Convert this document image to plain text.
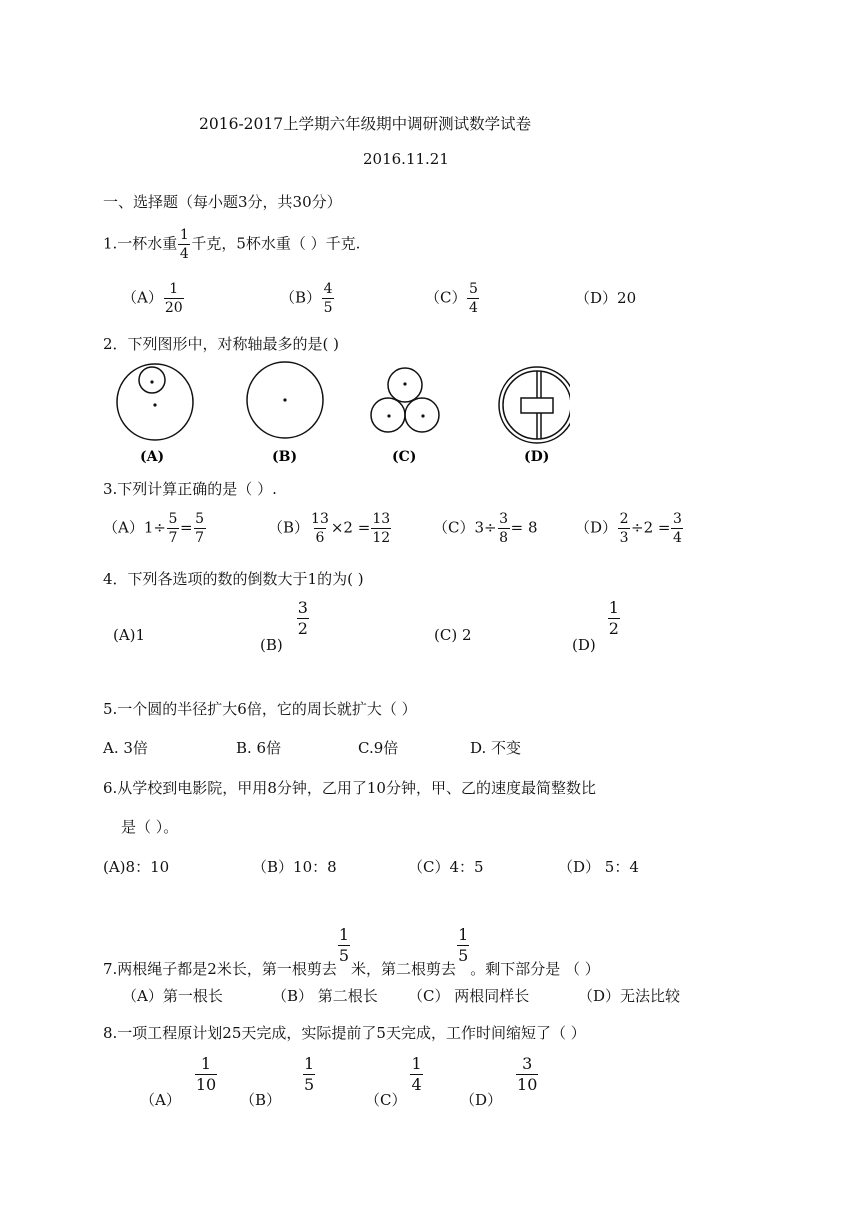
2016-2017上学期六年级期中调研测试数学试卷
2016.11.21
一、选择题（每小题3分，共30分）
1.一杯水重 $\frac{1}{4}$ 千克，5杯水重（ ）千克.
$(A) \frac{1}{20}$	$(B) \frac{4}{5}$	$(C) \frac{5}{4}$	（D）20
2．下列图形中，对称轴最多的是( )
(A)	(B)	(C)	(D)
3.下列计算正确的是（ ）.
$(A)1\div \frac{5}{7} = \frac{5}{7}$	$(B) \frac{13}{6} \times 2 = \frac{13}{12}$	$(C)3\div \frac{3}{8} = 8$	$(D) \frac{2}{3} \div 2 = \frac{3}{4}$
4．下列各选项的数的倒数大于1的为( )
(A)1
(B)
$\frac{3}{2}$	(C) 2
(D)
$\frac{1}{2}$
5.一个圆的半径扩大6倍，它的周长就扩大（ ）
A. 3倍	B. 6倍	C.9倍	D. 不变
6.从学校到电影院，甲用8分钟，乙用了10分钟，甲、乙的速度最简整数比
是（ ）。
(A)8：10	（B）10：8	（C）4：5	（D） 5：4
7.两根绳子都是2米长，第一根剪去
$\frac{1}{5}$
米，第二根剪去
$\frac{1}{5}$
。剩下部分是 （ ）
（A）第一根长	（B） 第二根长 （C） 两根同样长	（D）无法比较
8.一项工程原计划25天完成，实际提前了5天完成，工作时间缩短了（ ）
（A）
$\frac{1}{10}$
（B）
$\frac{1}{5}$
（C）
$\frac{1}{4}$
（D）
$\frac{3}{10}$
